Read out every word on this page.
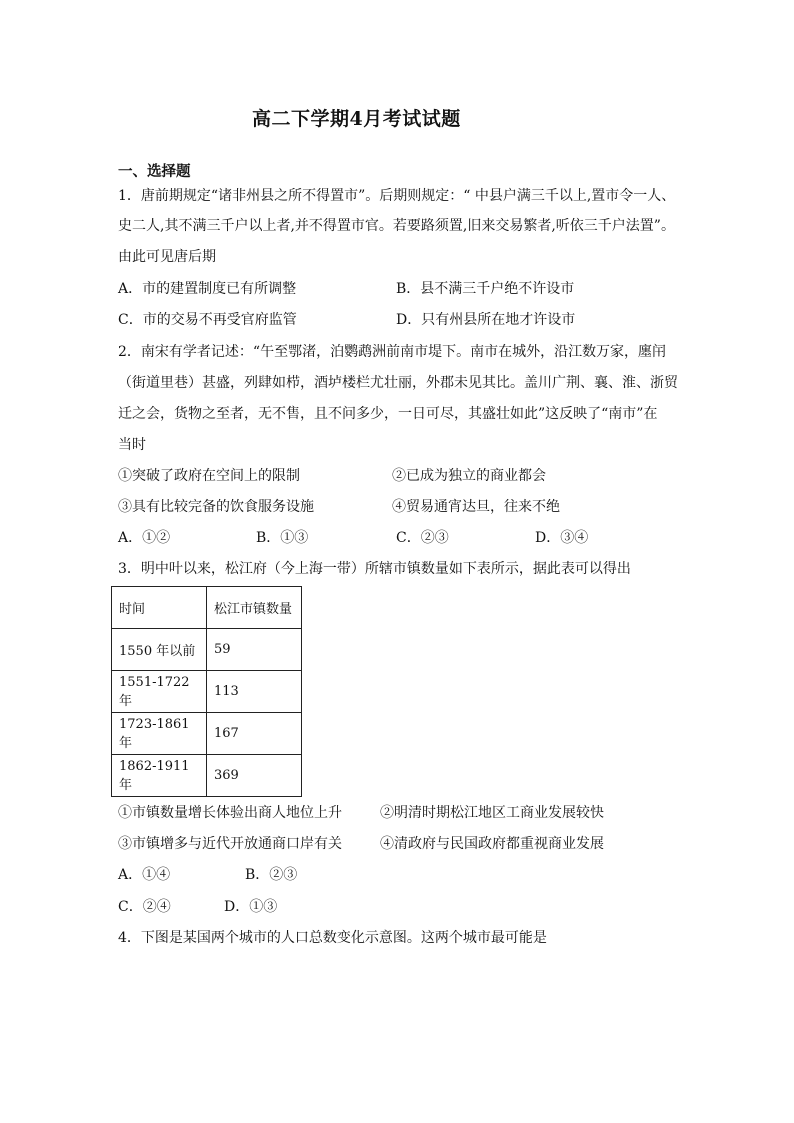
高二下学期4月考试试题
一、选择题
1．唐前期规定“诸非州县之所不得置市”。后期则规定：“ 中县户满三千以上,置市令一人、
史二人,其不满三千户以上者,并不得置市官。若要路须置,旧来交易繁者,听依三千户法置”。
由此可见唐后期
A．市的建置制度已有所调整	B．县不满三千户绝不许设市
C．市的交易不再受官府监管	D．只有州县所在地才许设市
2．南宋有学者记述：“午至鄂渚，泊鹦鹉洲前南市堤下。南市在城外，沿江数万家，廛闬
（街道里巷）甚盛，列肆如栉，酒垆楼栏尤壮丽，外郡未见其比。盖川广荆、襄、淮、浙贸
迁之会，货物之至者，无不售，且不问多少，一日可尽，其盛壮如此”这反映了“南市”在
当时
①突破了政府在空间上的限制	②已成为独立的商业都会
③具有比较完备的饮食服务设施	④贸易通宵达旦，往来不绝
A．①②	B．①③	C．②③	D．③④
3．明中叶以来，松江府（今上海一带）所辖市镇数量如下表所示，据此表可以得出
时间	松江市镇数量
1550 年以前	59
1551-1722 年	113
1723-1861 年	167
1862-1911 年	369
①市镇数量增长体验出商人地位上升	②明清时期松江地区工商业发展较快
③市镇增多与近代开放通商口岸有关	④清政府与民国政府都重视商业发展
A．①④	B．②③
C．②④	D．①③
4．下图是某国两个城市的人口总数变化示意图。这两个城市最可能是
